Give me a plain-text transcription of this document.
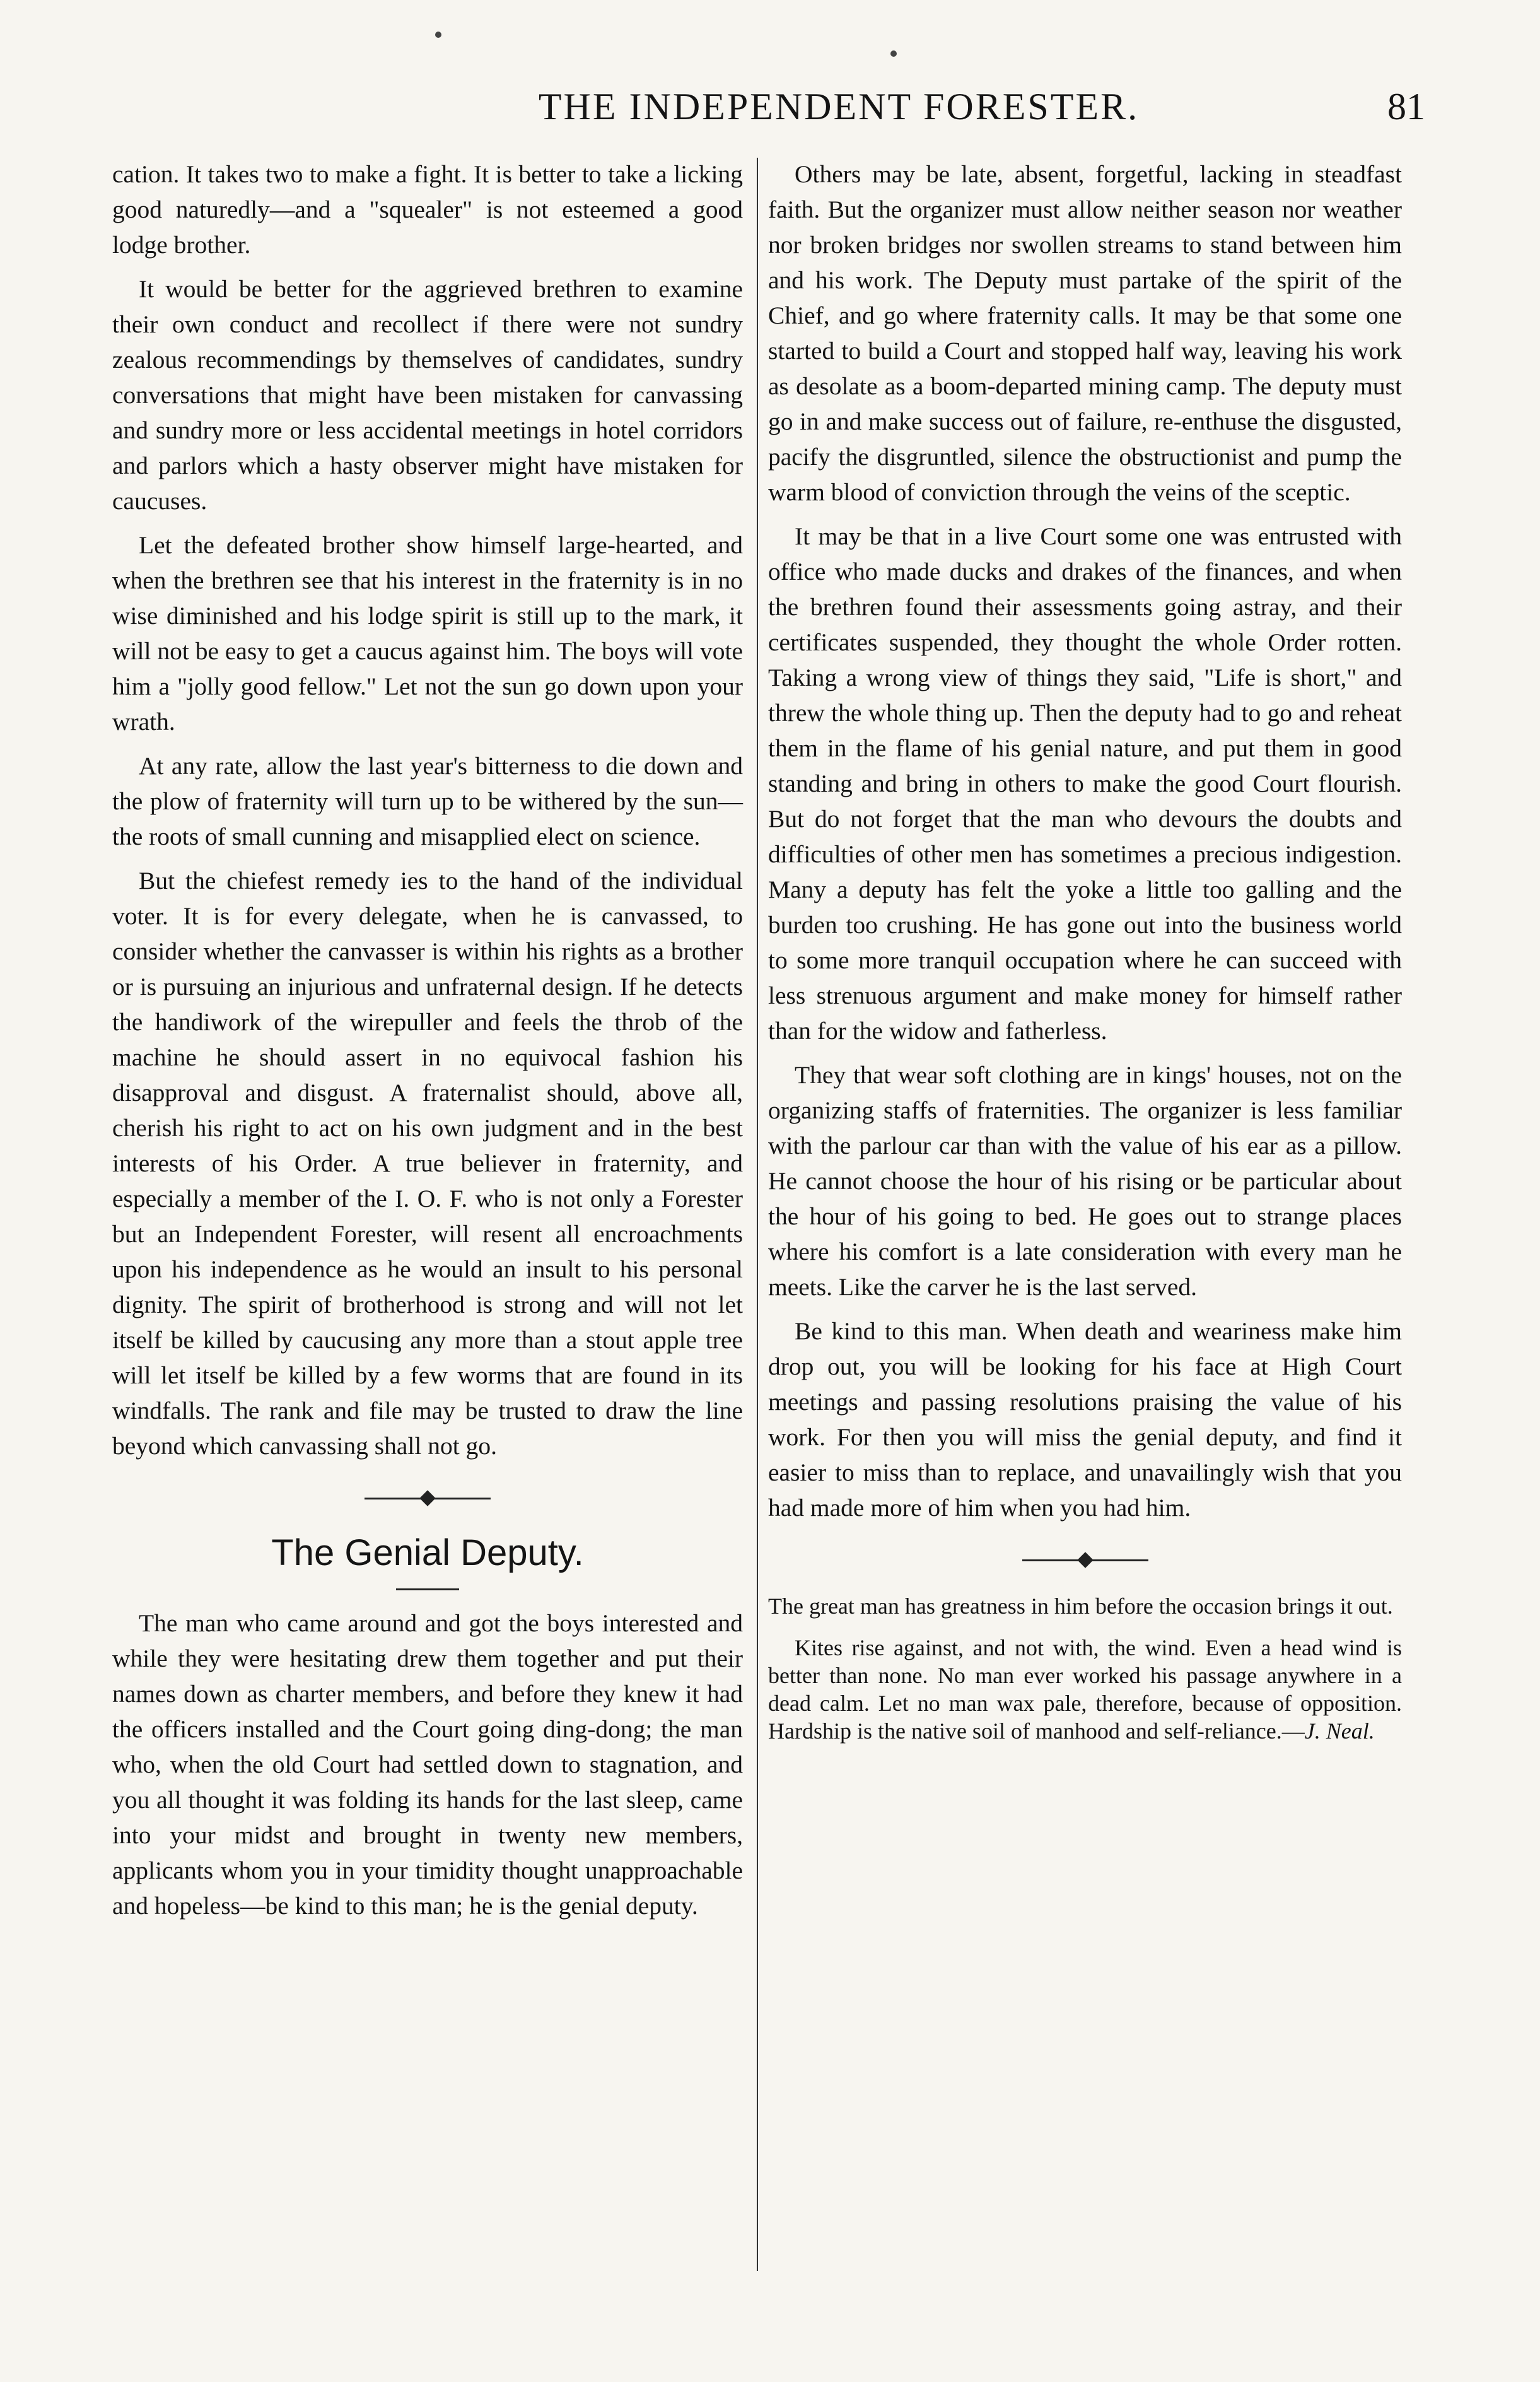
THE INDEPENDENT FORESTER.	81

cation. It takes two to make a fight. It is better to take a licking good naturedly—and a "squealer" is not esteemed a good lodge brother.

It would be better for the aggrieved brethren to examine their own conduct and recollect if there were not sundry zealous recommendings by themselves of candidates, sundry conversations that might have been mistaken for canvassing and sundry more or less accidental meetings in hotel corridors and parlors which a hasty observer might have mistaken for caucuses.

Let the defeated brother show himself large-hearted, and when the brethren see that his interest in the fraternity is in no wise diminished and his lodge spirit is still up to the mark, it will not be easy to get a caucus against him. The boys will vote him a "jolly good fellow." Let not the sun go down upon your wrath.

At any rate, allow the last year's bitterness to die down and the plow of fraternity will turn up to be withered by the sun—the roots of small cunning and misapplied elect on science.

But the chiefest remedy ies to the hand of the individual voter. It is for every delegate, when he is canvassed, to consider whether the canvasser is within his rights as a brother or is pursuing an injurious and unfraternal design. If he detects the handiwork of the wirepuller and feels the throb of the machine he should assert in no equivocal fashion his disapproval and disgust. A fraternalist should, above all, cherish his right to act on his own judgment and in the best interests of his Order. A true believer in fraternity, and especially a member of the I. O. F. who is not only a Forester but an Independent Forester, will resent all encroachments upon his independence as he would an insult to his personal dignity. The spirit of brotherhood is strong and will not let itself be killed by caucusing any more than a stout apple tree will let itself be killed by a few worms that are found in its windfalls. The rank and file may be trusted to draw the line beyond which canvassing shall not go.

The Genial Deputy.

The man who came around and got the boys interested and while they were hesitating drew them together and put their names down as charter members, and before they knew it had the officers installed and the Court going ding-dong; the man who, when the old Court had settled down to stagnation, and you all thought it was folding its hands for the last sleep, came into your midst and brought in twenty new members, applicants whom you in your timidity thought unapproachable and hopeless—be kind to this man; he is the genial deputy.

Others may be late, absent, forgetful, lacking in steadfast faith. But the organizer must allow neither season nor weather nor broken bridges nor swollen streams to stand between him and his work. The Deputy must partake of the spirit of the Chief, and go where fraternity calls. It may be that some one started to build a Court and stopped half way, leaving his work as desolate as a boom-departed mining camp. The deputy must go in and make success out of failure, re-enthuse the disgusted, pacify the disgruntled, silence the obstructionist and pump the warm blood of conviction through the veins of the sceptic.

It may be that in a live Court some one was entrusted with office who made ducks and drakes of the finances, and when the brethren found their assessments going astray, and their certificates suspended, they thought the whole Order rotten. Taking a wrong view of things they said, "Life is short," and threw the whole thing up. Then the deputy had to go and reheat them in the flame of his genial nature, and put them in good standing and bring in others to make the good Court flourish. But do not forget that the man who devours the doubts and difficulties of other men has sometimes a precious indigestion. Many a deputy has felt the yoke a little too galling and the burden too crushing. He has gone out into the business world to some more tranquil occupation where he can succeed with less strenuous argument and make money for himself rather than for the widow and fatherless.

They that wear soft clothing are in kings' houses, not on the organizing staffs of fraternities. The organizer is less familiar with the parlour car than with the value of his ear as a pillow. He cannot choose the hour of his rising or be particular about the hour of his going to bed. He goes out to strange places where his comfort is a late consideration with every man he meets. Like the carver he is the last served.

Be kind to this man. When death and weariness make him drop out, you will be looking for his face at High Court meetings and passing resolutions praising the value of his work. For then you will miss the genial deputy, and find it easier to miss than to replace, and unavailingly wish that you had made more of him when you had him.

The great man has greatness in him before the occasion brings it out.

Kites rise against, and not with, the wind. Even a head wind is better than none. No man ever worked his passage anywhere in a dead calm. Let no man wax pale, therefore, because of opposition. Hardship is the native soil of manhood and self-reliance.—J. Neal.
